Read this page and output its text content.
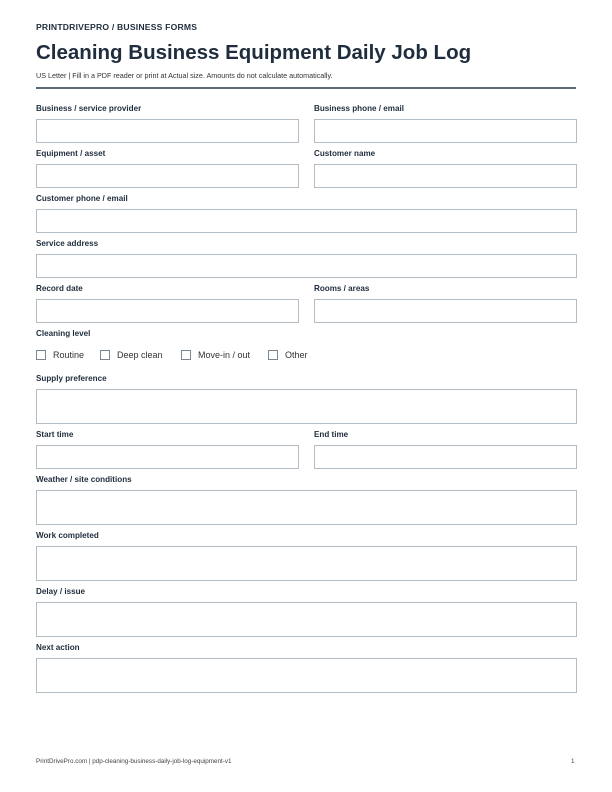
PRINTDRIVEPRO / BUSINESS FORMS
Cleaning Business Equipment Daily Job Log
US Letter | Fill in a PDF reader or print at Actual size. Amounts do not calculate automatically.
Business / service provider	Business phone / email
Equipment / asset	Customer name
Customer phone / email
Service address
Record date	Rooms / areas
Cleaning level
Routine	Deep clean	Move-in / out	Other
Supply preference
Start time	End time
Weather / site conditions
Work completed
Delay / issue
Next action
PrintDrivePro.com | pdp-cleaning-business-daily-job-log-equipment-v1	1
